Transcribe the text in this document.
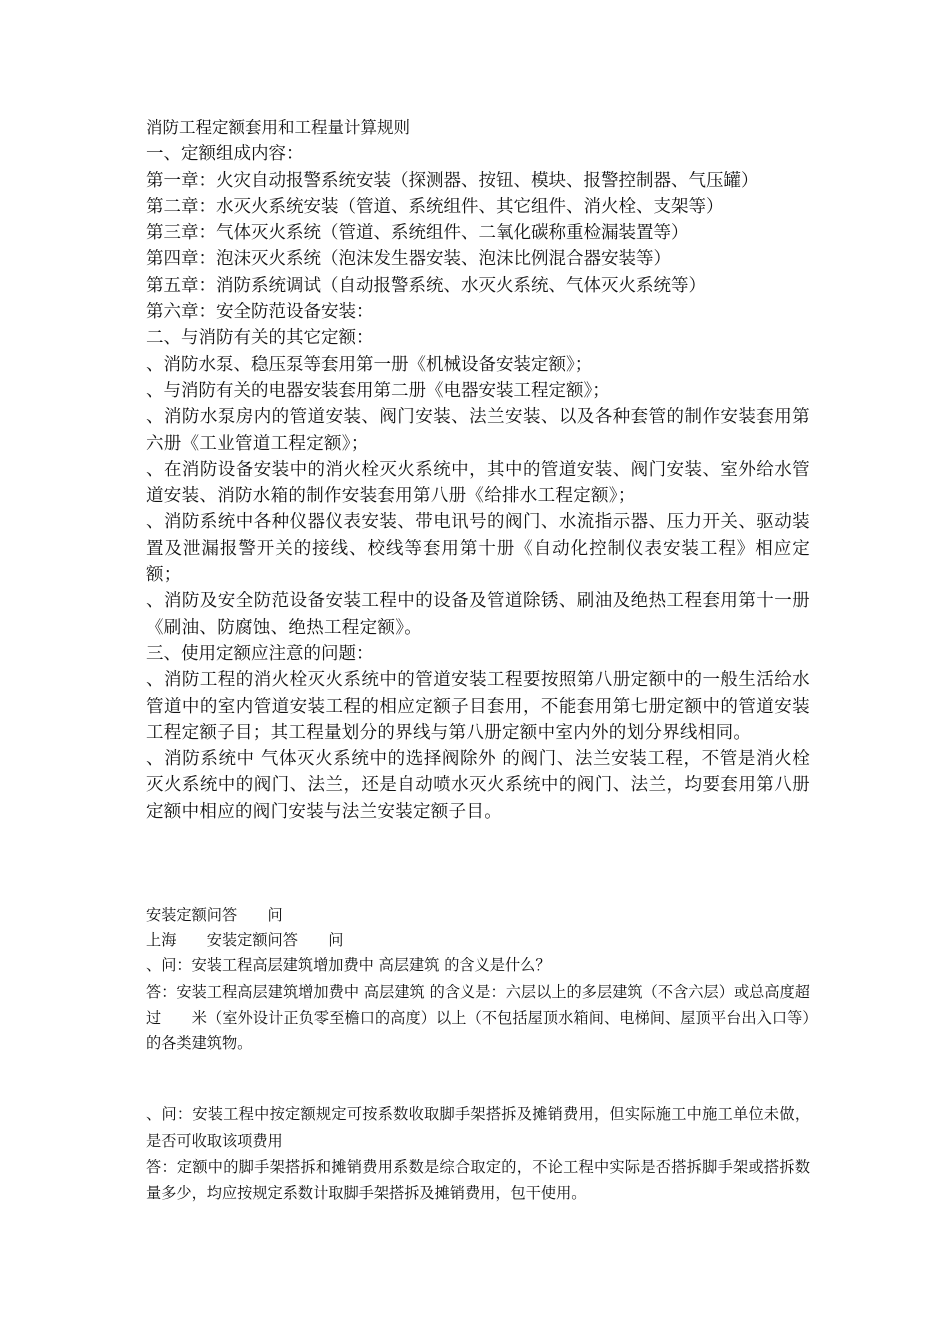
消防工程定额套用和工程量计算规则
一、定额组成内容：
第一章：火灾自动报警系统安装（探测器、按钮、模块、报警控制器、气压罐）
第二章：水灭火系统安装（管道、系统组件、其它组件、消火栓、支架等）
第三章：气体灭火系统（管道、系统组件、二氧化碳称重检漏装置等）
第四章：泡沫灭火系统（泡沫发生器安装、泡沫比例混合器安装等）
第五章：消防系统调试（自动报警系统、水灭火系统、气体灭火系统等）
第六章：安全防范设备安装：
二、与消防有关的其它定额：
、消防水泵、稳压泵等套用第一册《机械设备安装定额》；
、与消防有关的电器安装套用第二册《电器安装工程定额》；
、消防水泵房内的管道安装、阀门安装、法兰安装、以及各种套管的制作安装套用第六册《工业管道工程定额》；
、在消防设备安装中的消火栓灭火系统中，其中的管道安装、阀门安装、室外给水管道安装、消防水箱的制作安装套用第八册《给排水工程定额》；
、消防系统中各种仪器仪表安装、带电讯号的阀门、水流指示器、压力开关、驱动装置及泄漏报警开关的接线、校线等套用第十册《自动化控制仪表安装工程》相应定额；
、消防及安全防范设备安装工程中的设备及管道除锈、刷油及绝热工程套用第十一册《刷油、防腐蚀、绝热工程定额》。
三、使用定额应注意的问题：
、消防工程的消火栓灭火系统中的管道安装工程要按照第八册定额中的一般生活给水管道中的室内管道安装工程的相应定额子目套用，不能套用第七册定额中的管道安装工程定额子目；其工程量划分的界线与第八册定额中室内外的划分界线相同。
、消防系统中 气体灭火系统中的选择阀除外 的阀门、法兰安装工程，不管是消火栓灭火系统中的阀门、法兰，还是自动喷水灭火系统中的阀门、法兰，均要套用第八册定额中相应的阀门安装与法兰安装定额子目。
安装定额问答　　问
上海　　安装定额问答　　问
、问：安装工程高层建筑增加费中 高层建筑 的含义是什么？
答：安装工程高层建筑增加费中 高层建筑 的含义是：六层以上的多层建筑（不含六层）或总高度超过　　米（室外设计正负零至檐口的高度）以上（不包括屋顶水箱间、电梯间、屋顶平台出入口等）的各类建筑物。
、问：安装工程中按定额规定可按系数收取脚手架搭拆及摊销费用，但实际施工中施工单位未做，是否可收取该项费用
答：定额中的脚手架搭拆和摊销费用系数是综合取定的，不论工程中实际是否搭拆脚手架或搭拆数量多少，均应按规定系数计取脚手架搭拆及摊销费用，包干使用。
